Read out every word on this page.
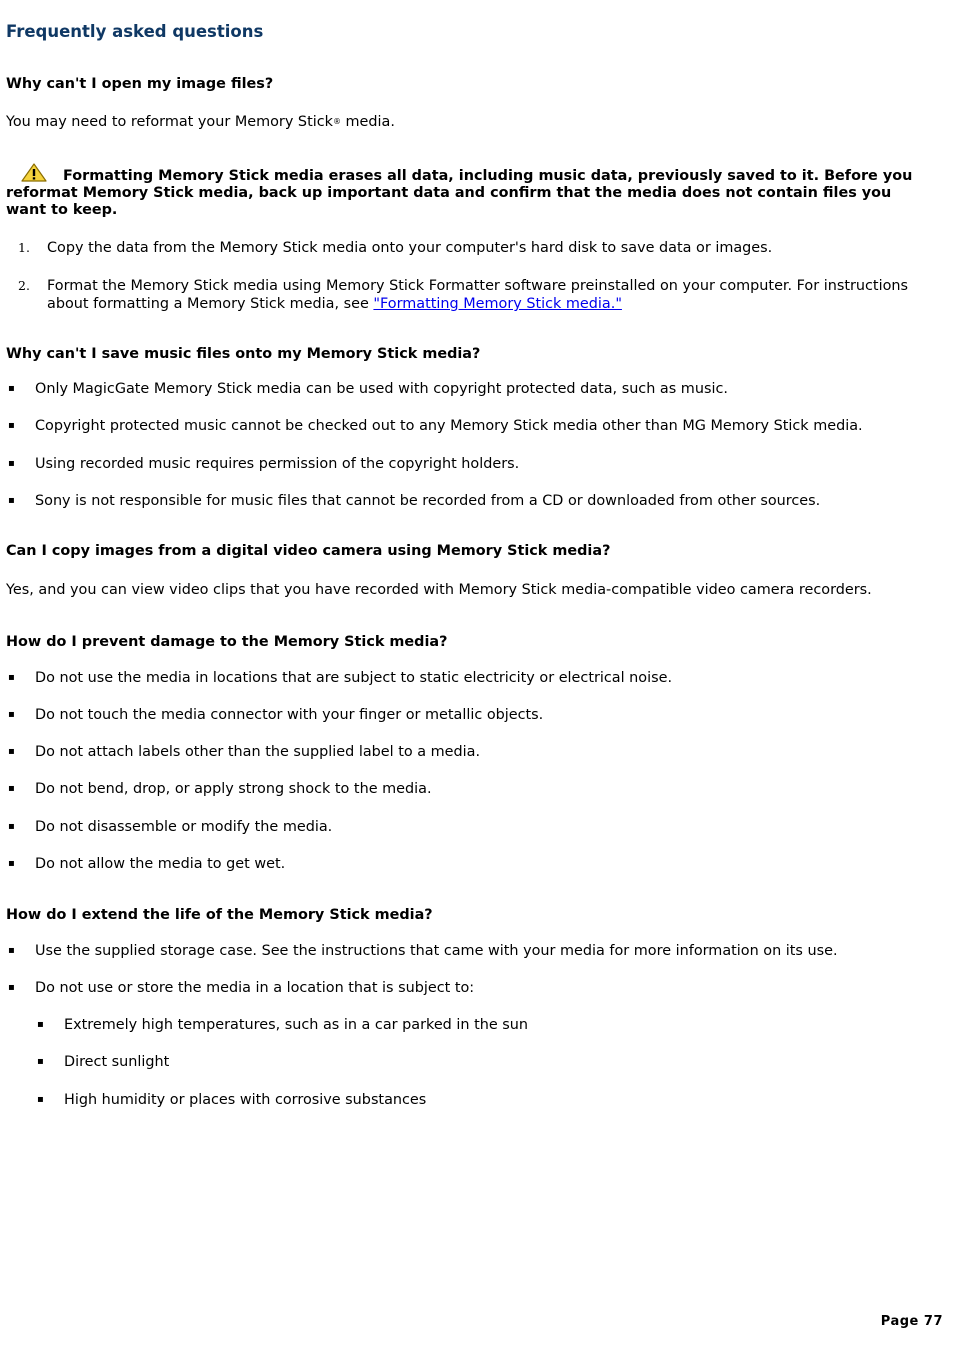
Frequently asked questions
Why can't I open my image files?
You may need to reformat your Memory Stick® media.
Formatting Memory Stick media erases all data, including music data, previously saved to it. Before you reformat Memory Stick media, back up important data and confirm that the media does not contain files you want to keep.
1. Copy the data from the Memory Stick media onto your computer's hard disk to save data or images.
2. Format the Memory Stick media using Memory Stick Formatter software preinstalled on your computer. For instructions about formatting a Memory Stick media, see "Formatting Memory Stick media."
Why can't I save music files onto my Memory Stick media?
▪ Only MagicGate Memory Stick media can be used with copyright protected data, such as music.
▪ Copyright protected music cannot be checked out to any Memory Stick media other than MG Memory Stick media.
▪ Using recorded music requires permission of the copyright holders.
▪ Sony is not responsible for music files that cannot be recorded from a CD or downloaded from other sources.
Can I copy images from a digital video camera using Memory Stick media?
Yes, and you can view video clips that you have recorded with Memory Stick media-compatible video camera recorders.
How do I prevent damage to the Memory Stick media?
▪ Do not use the media in locations that are subject to static electricity or electrical noise.
▪ Do not touch the media connector with your finger or metallic objects.
▪ Do not attach labels other than the supplied label to a media.
▪ Do not bend, drop, or apply strong shock to the media.
▪ Do not disassemble or modify the media.
▪ Do not allow the media to get wet.
How do I extend the life of the Memory Stick media?
▪ Use the supplied storage case. See the instructions that came with your media for more information on its use.
▪ Do not use or store the media in a location that is subject to:
▪ Extremely high temperatures, such as in a car parked in the sun
▪ Direct sunlight
▪ High humidity or places with corrosive substances
Page 77
